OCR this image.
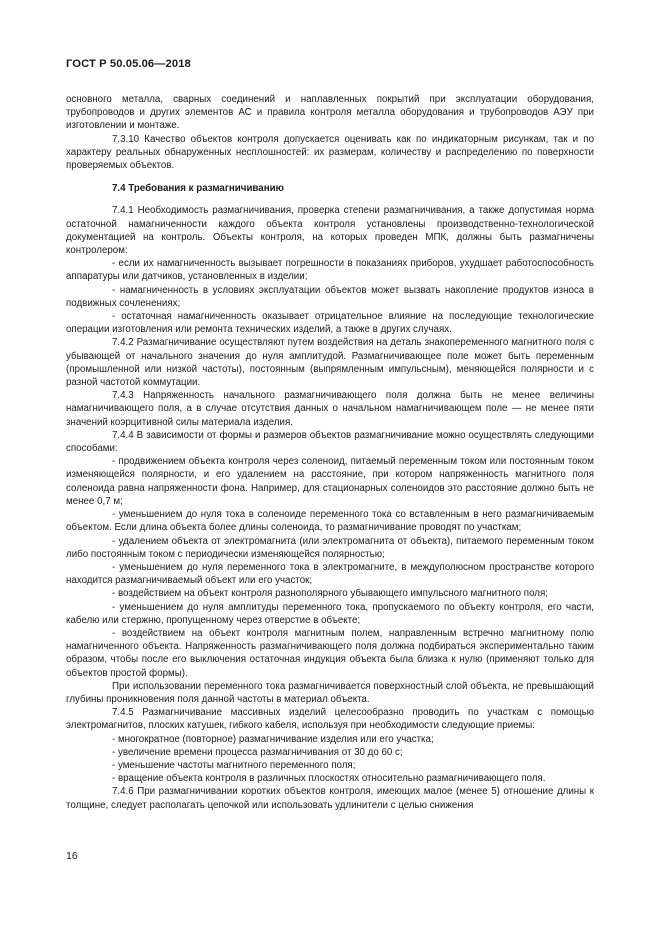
ГОСТ Р 50.05.06—2018

основного металла, сварных соединений и наплавленных покрытий при эксплуатации оборудования, трубопроводов и других элементов АС и правила контроля металла оборудования и трубопроводов АЭУ при изготовлении и монтаже.

7.3.10 Качество объектов контроля допускается оценивать как по индикаторным рисункам, так и по характеру реальных обнаруженных несплошностей: их размерам, количеству и распределению по поверхности проверяемых объектов.

7.4 Требования к размагничиванию

7.4.1 Необходимость размагничивания, проверка степени размагничивания, а также допустимая норма остаточной намагниченности каждого объекта контроля установлены производственно-технологической документацией на контроль. Объекты контроля, на которых проведен МПК, должны быть размагничены контролером:

- если их намагниченность вызывает погрешности в показаниях приборов, ухудшает работоспособность аппаратуры или датчиков, установленных в изделии;

- намагниченность в условиях эксплуатации объектов может вызвать накопление продуктов износа в подвижных сочленениях;

- остаточная намагниченность оказывает отрицательное влияние на последующие технологические операции изготовления или ремонта технических изделий, а также в других случаях.

7.4.2 Размагничивание осуществляют путем воздействия на деталь знакопеременного магнитного поля с убывающей от начального значения до нуля амплитудой. Размагничивающее поле может быть переменным (промышленной или низкой частоты), постоянным (выпрямленным импульсным), меняющейся полярности и с разной частотой коммутации.

7.4.3 Напряженность начального размагничивающего поля должна быть не менее величины намагничивающего поля, а в случае отсутствия данных о начальном намагничивающем поле — не менее пяти значений коэрцитивной силы материала изделия.

7.4.4 В зависимости от формы и размеров объектов размагничивание можно осуществлять следующими способами:

- продвижением объекта контроля через соленоид, питаемый переменным током или постоянным током изменяющейся полярности, и его удалением на расстояние, при котором напряженность магнитного поля соленоида равна напряженности фона. Например, для стационарных соленоидов это расстояние должно быть не менее 0,7 м;

- уменьшением до нуля тока в соленоиде переменного тока со вставленным в него размагничиваемым объектом. Если длина объекта более длины соленоида, то размагничивание проводят по участкам;

- удалением объекта от электромагнита (или электромагнита от объекта), питаемого переменным током либо постоянным током с периодически изменяющейся полярностью;

- уменьшением до нуля переменного тока в электромагните, в междуполюсном пространстве которого находится размагничиваемый объект или его участок;

- воздействием на объект контроля разнополярного убывающего импульсного магнитного поля;

- уменьшением до нуля амплитуды переменного тока, пропускаемого по объекту контроля, его части, кабелю или стержню, пропущенному через отверстие в объекте;

- воздействием на объект контроля магнитным полем, направленным встречно магнитному полю намагниченного объекта. Напряженность размагничивающего поля должна подбираться экспериментально таким образом, чтобы после его выключения остаточная индукция объекта была близка к нулю (применяют только для объектов простой формы).

При использовании переменного тока размагничивается поверхностный слой объекта, не превышающий глубины проникновения поля данной частоты в материал объекта.

7.4.5 Размагничивание массивных изделий целесообразно проводить по участкам с помощью электромагнитов, плоских катушек, гибкого кабеля, используя при необходимости следующие приемы:

- многократное (повторное) размагничивание изделия или его участка;

- увеличение времени процесса размагничивания от 30 до 60 с;

- уменьшение частоты магнитного переменного поля;

- вращение объекта контроля в различных плоскостях относительно размагничивающего поля.

7.4.6 При размагничивании коротких объектов контроля, имеющих малое (менее 5) отношение длины к толщине, следует располагать цепочкой или использовать удлинители с целью снижения

16
